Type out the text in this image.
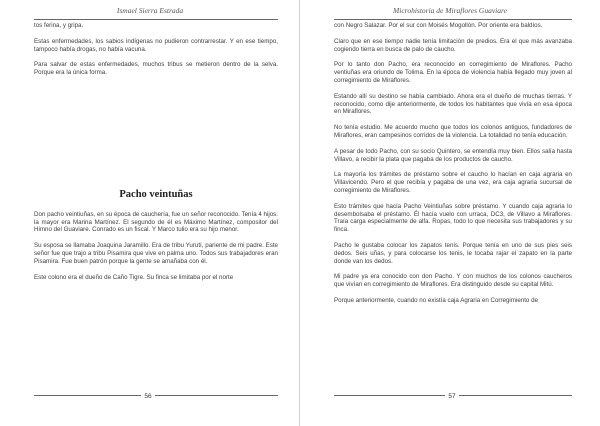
Ismael Sierra Estrada

tos ferina, y gripa.

Estas enfermedades, los sabios indígenas no pudieron contrarrestar. Y en ese tiempo, tampoco había drogas, no había vacuna.

Para salvar de estas enfermedades, muchos tribus se metieron dentro de la selva. Porque era la única forma.

Pacho veintuñas

Don pacho veintiuñas, en su época de cauchería, fue un señor reconocido. Tenía 4 hijos: la mayor era Marina Martínez. El segundo de él es Máximo Martínez, compositor del Himno del Guaviare. Conrado es un fiscal. Y Marco tulio era su hijo menor.

Su esposa se llamaba Joaquina Jaramillo. Era de tribu Yurutí, pariente de mi padre. Este señor fue que trajo a tribu Pisamira que vive en palma uno. Todos sus trabajadores eran Pisamira. Fue buen patrón porque la gente se amañaba con él.

Este colono era el dueño de Caño Tigre. Su finca se limitaba por el norte

56
Microhistoria de Miraflores Guaviare

con Negro Salazar. Por el sur con Moisés Mogollón. Por oriente era baldíos.

Claro que en ese tiempo nadie tenía limitación de predios. Era el que más avanzaba cogiendo tierra en busca de palo de caucho.

Por lo tanto don Pacho, era reconocido en corregimiento de Miraflores. Pacho ventiuñas era oriundo de Tolima. En la época de violencia había llegado muy joven al corregimiento de Miraflores.

Estando allí su destino se había cambiado. Ahora era el dueño de muchas tierras. Y reconocido, como dije anteriormente, de todos los habitantes que vivía en esa época en Miraflores.

No tenía estudio. Me acuerdo mucho que todos los colonos antiguos, fundadores de Miraflores, eran campesinos corridos de la violencia. La totalidad no tenía educación.

A pesar de todo Pacho, con su socio Quintero, se entendía muy bien. Ellos salía hasta Villavo, a recibir la plata que pagaba de los productos de caucho.

La mayoría los trámites de préstamo sobre el caucho lo hacían en caja agraria en Villavicendo. Pero el que recibía y pagaba de una vez, era caja agraria sucursal de corregimiento de Miraflores.

Esto trámites que hacía Pacho Veintiuñas sobre préstamo. Y cuando caja agraria lo desembolsaba el préstamo. Él hacía vuelo con urraca, DC3, de Villavo a Miraflores. Traía carga especialmente de alfa. Ropas, todo lo que necesita sus trabajadores y su finca.

Pacho le gustaba colocar los zapatos tenis. Porque tenía en uno de sus pies seis dedos. Seis uñas, y para colocarse los tenis, le tocaba rajar el zapato en la parte donde van los dedos.

Mi padre ya era conocido con don Pacho. Y con muchos de los colonos caucheros que vivían en corregimiento de Miraflores. Era distinguido desde su capital Mitú.

Porque anteriormente, cuando no existía caja Agraria en Corregimiento de

57
